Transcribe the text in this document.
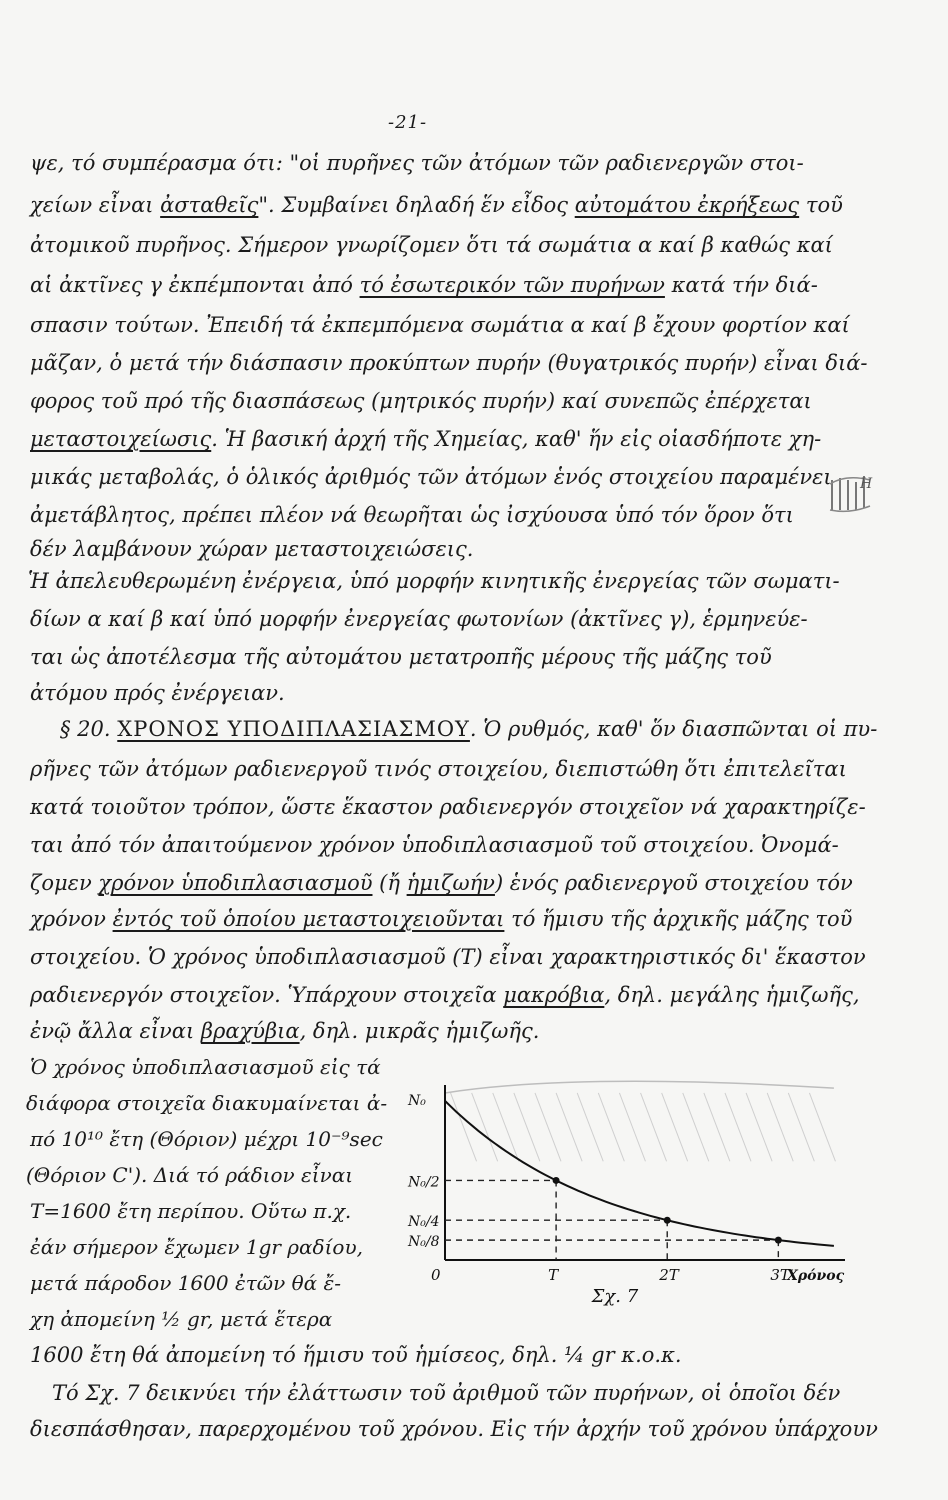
-21-
ψε, τό συμπέρασμα ότι: "οἱ πυρῆνες τῶν ἀτόμων τῶν ραδιενεργῶν στοι-
χείων εἶναι ἀσταθεῖς". Συμβαίνει δηλαδή ἕν εἶδος αὐτομάτου ἐκρήξεως τοῦ
ἀτομικοῦ πυρῆνος. Σήμερον γνωρίζομεν ὅτι τά σωμάτια α καί β καθώς καί
αἱ ἀκτῖνες γ ἐκπέμπονται ἀπό τό ἐσωτερικόν τῶν πυρήνων κατά τήν διά-
σπασιν τούτων. Ἐπειδή τά ἐκπεμπόμενα σωμάτια α καί β ἔχουν φορτίον καί
μᾶζαν, ὁ μετά τήν διάσπασιν προκύπτων πυρήν (θυγατρικός πυρήν) εἶναι διά-
φορος τοῦ πρό τῆς διασπάσεως (μητρικός πυρήν) καί συνεπῶς ἐπέρχεται
μεταστοιχείωσις. Ἡ βασική ἀρχή τῆς Χημείας, καθ' ἥν εἰς οἱασδήποτε χη-
μικάς μεταβολάς, ὁ ὁλικός ἀριθμός τῶν ἀτόμων ἑνός στοιχείου παραμένει
ἀμετάβλητος, πρέπει πλέον νά θεωρῆται ὡς ἰσχύουσα ὑπό τόν ὅρον ὅτι
δέν λαμβάνουν χώραν μεταστοιχειώσεις.
Η
Ἡ ἀπελευθερωμένη ἐνέργεια, ὑπό μορφήν κινητικῆς ἐνεργείας τῶν σωματι-
δίων α καί β καί ὑπό μορφήν ἐνεργείας φωτονίων (ἀκτῖνες γ), ἑρμηνεύε-
ται ὡς ἀποτέλεσμα τῆς αὐτομάτου μετατροπῆς μέρους τῆς μάζης τοῦ
ἀτόμου πρός ἐνέργειαν.
§ 20. ΧΡΟΝΟΣ ΥΠΟΔΙΠΛΑΣΙΑΣΜΟΥ. Ὁ ρυθμός, καθ' ὅν διασπῶνται οἱ πυ-
ρῆνες τῶν ἀτόμων ραδιενεργοῦ τινός στοιχείου, διεπιστώθη ὅτι ἐπιτελεῖται
κατά τοιοῦτον τρόπον, ὥστε ἕκαστον ραδιενεργόν στοιχεῖον νά χαρακτηρίζε-
ται ἀπό τόν ἀπαιτούμενον χρόνον ὑποδιπλασιασμοῦ τοῦ στοιχείου. Ὀνομά-
ζομεν χρόνον ὑποδιπλασιασμοῦ (ἤ ἡμιζωήν) ἑνός ραδιενεργοῦ στοιχείου τόν
χρόνον ἐντός τοῦ ὁποίου μεταστοιχειοῦνται τό ἥμισυ τῆς ἀρχικῆς μάζης τοῦ
στοιχείου. Ὁ χρόνος ὑποδιπλασιασμοῦ (Τ) εἶναι χαρακτηριστικός δι' ἕκαστον
ραδιενεργόν στοιχεῖον. Ὑπάρχουν στοιχεῖα μακρόβια, δηλ. μεγάλης ἡμιζωῆς,
ἐνῷ ἄλλα εἶναι βραχύβια, δηλ. μικρᾶς ἡμιζωῆς.
Ὁ χρόνος ὑποδιπλασιασμοῦ εἰς τά
διάφορα στοιχεῖα διακυμαίνεται ἀ-
πό 10¹⁰ ἔτη (Θόριον) μέχρι 10⁻⁹sec
(Θόριον C'). Διά τό ράδιον εἶναι
Τ=1600 ἔτη περίπου. Οὕτω π.χ.
ἐάν σήμερον ἔχωμεν 1gr ραδίου,
μετά πάροδον 1600 ἐτῶν θά ἔ-
χη ἀπομείνη ½ gr, μετά ἕτερα
0	T	2T	3T
N₀
N₀/2
N₀/4
N₀/8
Χρόνος
Σχ. 7
1600 ἔτη θά ἀπομείνη τό ἥμισυ τοῦ ἡμίσεος, δηλ. ¼ gr κ.ο.κ.
Τό Σχ. 7 δεικνύει τήν ἐλάττωσιν τοῦ ἀριθμοῦ τῶν πυρήνων, οἱ ὁποῖοι δέν
διεσπάσθησαν, παρερχομένου τοῦ χρόνου. Εἰς τήν ἀρχήν τοῦ χρόνου ὑπάρχουν
